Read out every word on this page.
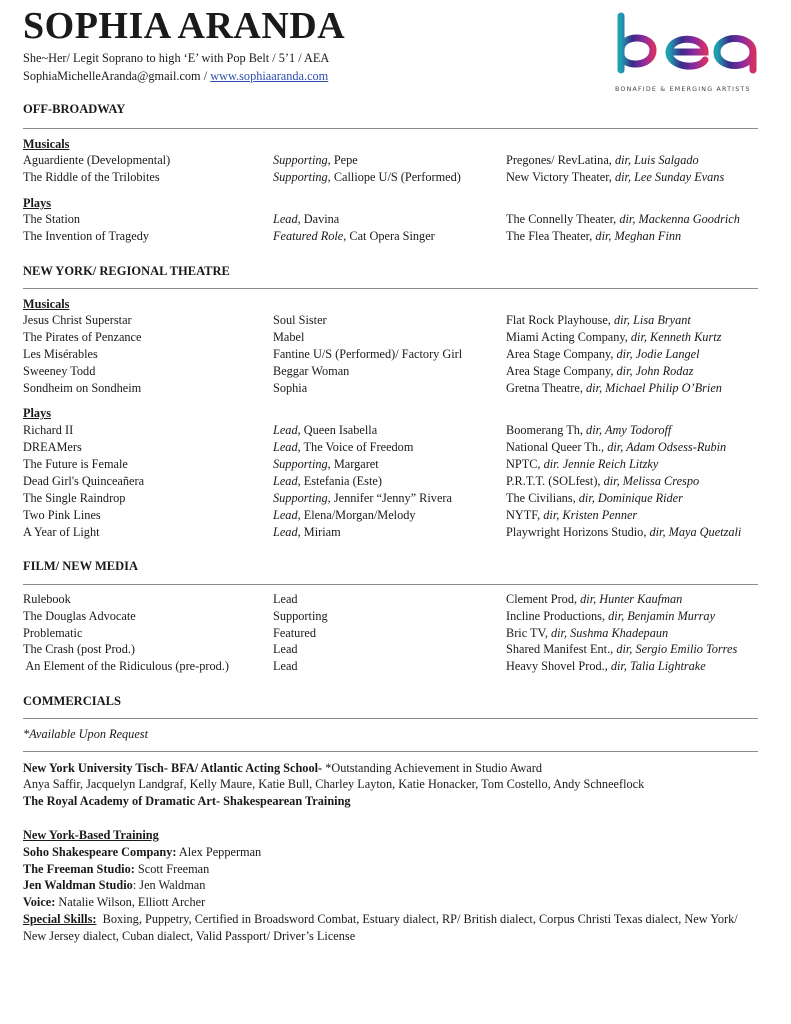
SOPHIA ARANDA
She~Her/ Legit Soprano to high ‘E’ with Pop Belt / 5’1 / AEA
SophiaMichelleAranda@gmail.com / www.sophiaaranda.com
BONAFIDE & EMERGING ARTISTS
OFF-BROADWAY
Musicals
Aguardiente (Developmental)	Supporting, Pepe	Pregones/ RevLatina, dir, Luis Salgado
The Riddle of the Trilobites	Supporting, Calliope U/S (Performed)	New Victory Theater, dir, Lee Sunday Evans
Plays
The Station	Lead, Davina	The Connelly Theater, dir, Mackenna Goodrich
The Invention of Tragedy	Featured Role, Cat Opera Singer	The Flea Theater, dir, Meghan Finn
NEW YORK/ REGIONAL THEATRE
Musicals
Jesus Christ Superstar	Soul Sister	Flat Rock Playhouse, dir, Lisa Bryant
The Pirates of Penzance	Mabel	Miami Acting Company, dir, Kenneth Kurtz
Les Misérables	Fantine U/S (Performed)/ Factory Girl	Area Stage Company, dir, Jodie Langel
Sweeney Todd	Beggar Woman	Area Stage Company, dir, John Rodaz
Sondheim on Sondheim	Sophia	Gretna Theatre, dir, Michael Philip O’Brien
Plays
Richard II	Lead, Queen Isabella	Boomerang Th, dir, Amy Todoroff
DREAMers	Lead, The Voice of Freedom	National Queer Th., dir, Adam Odsess-Rubin
The Future is Female	Supporting, Margaret	NPTC, dir. Jennie Reich Litzky
Dead Girl's Quinceañera	Lead, Estefania (Este)	P.R.T.T. (SOLfest), dir, Melissa Crespo
The Single Raindrop	Supporting, Jennifer “Jenny” Rivera	The Civilians, dir, Dominique Rider
Two Pink Lines	Lead, Elena/Morgan/Melody	NYTF, dir, Kristen Penner
A Year of Light	Lead, Miriam	Playwright Horizons Studio, dir, Maya Quetzali
FILM/ NEW MEDIA
Rulebook	Lead	Clement Prod, dir, Hunter Kaufman
The Douglas Advocate	Supporting	Incline Productions, dir, Benjamin Murray
Problematic	Featured	Bric TV, dir, Sushma Khadepaun
The Crash (post Prod.)	Lead	Shared Manifest Ent., dir, Sergio Emilio Torres
An Element of the Ridiculous (pre-prod.)	Lead	Heavy Shovel Prod., dir, Talia Lightrake
COMMERCIALS
*Available Upon Request
New York University Tisch- BFA/ Atlantic Acting School- *Outstanding Achievement in Studio Award
Anya Saffir, Jacquelyn Landgraf, Kelly Maure, Katie Bull, Charley Layton, Katie Honacker, Tom Costello, Andy Schneeflock
The Royal Academy of Dramatic Art- Shakespearean Training
New York-Based Training
Soho Shakespeare Company: Alex Pepperman
The Freeman Studio: Scott Freeman
Jen Waldman Studio: Jen Waldman
Voice: Natalie Wilson, Elliott Archer
Special Skills:  Boxing, Puppetry, Certified in Broadsword Combat, Estuary dialect, RP/ British dialect, Corpus Christi Texas dialect, New York/
New Jersey dialect, Cuban dialect, Valid Passport/ Driver’s License
